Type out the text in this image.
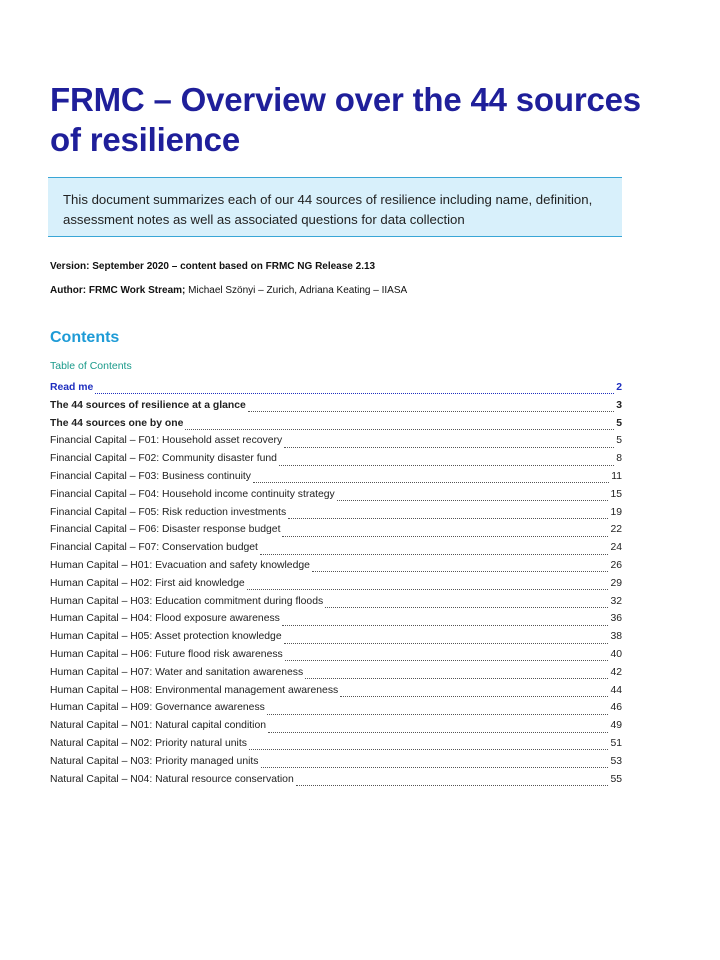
FRMC – Overview over the 44 sources of resilience
This document summarizes each of our 44 sources of resilience including name, definition, assessment notes as well as associated questions for data collection
Version: September 2020 – content based on FRMC NG Release 2.13
Author: FRMC Work Stream; Michael Szönyi – Zurich, Adriana Keating – IIASA
Contents
Table of Contents
Read me	2
The 44 sources of resilience at a glance	3
The 44 sources one by one	5
Financial Capital – F01: Household asset recovery	5
Financial Capital – F02: Community disaster fund	8
Financial Capital – F03: Business continuity	11
Financial Capital – F04: Household income continuity strategy	15
Financial Capital – F05: Risk reduction investments	19
Financial Capital – F06: Disaster response budget	22
Financial Capital – F07: Conservation budget	24
Human Capital – H01: Evacuation and safety knowledge	26
Human Capital – H02: First aid knowledge	29
Human Capital – H03: Education commitment during floods	32
Human Capital – H04: Flood exposure awareness	36
Human Capital – H05: Asset protection knowledge	38
Human Capital – H06: Future flood risk awareness	40
Human Capital – H07: Water and sanitation awareness	42
Human Capital – H08: Environmental management awareness	44
Human Capital – H09: Governance awareness	46
Natural Capital – N01: Natural capital condition	49
Natural Capital – N02: Priority natural units	51
Natural Capital – N03: Priority managed units	53
Natural Capital – N04: Natural resource conservation	55
